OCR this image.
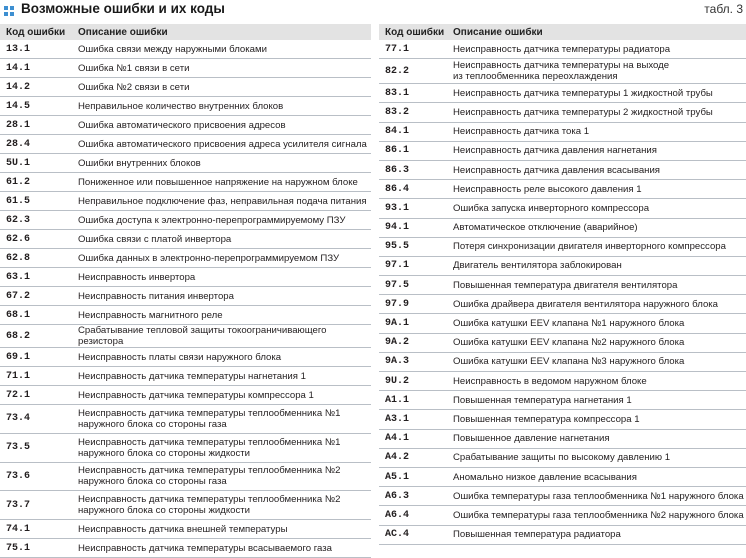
Возможные ошибки и их коды	табл. 3
Код ошибки	Описание ошибки
13.1	Ошибка связи между наружными блоками
14.1	Ошибка №1 связи в сети
14.2	Ошибка №2 связи в сети
14.5	Неправильное количество внутренних блоков
28.1	Ошибка автоматического присвоения адресов
28.4	Ошибка автоматического присвоения адреса усилителя сигнала
5U.1	Ошибки внутренних блоков
61.2	Пониженное или повышенное напряжение на наружном блоке
61.5	Неправильное подключение фаз, неправильная подача питания
62.3	Ошибка доступа к электронно-перепрограммируемому ПЗУ
62.6	Ошибка связи с платой инвертора
62.8	Ошибка данных в электронно-перепрограммируемом ПЗУ
63.1	Неисправность инвертора
67.2	Неисправность питания инвертора
68.1	Неисправность магнитного реле
68.2	Срабатывание тепловой защиты токоограничивающего резистора
69.1	Неисправность платы связи наружного блока
71.1	Неисправность датчика температуры нагнетания 1
72.1	Неисправность датчика температуры компрессора 1
73.4	Неисправность датчика температуры теплообменника №1
наружного блока со стороны газа
73.5	Неисправность датчика температуры теплообменника №1
наружного блока со стороны жидкости
73.6	Неисправность датчика температуры теплообменника №2
наружного блока со стороны газа
73.7	Неисправность датчика температуры теплообменника №2
наружного блока со стороны жидкости
74.1	Неисправность датчика внешней температуры
75.1	Неисправность датчика температуры всасываемого газа
Код ошибки	Описание ошибки
77.1	Неисправность датчика температуры радиатора
82.2	Неисправность датчика температуры на выходе
из теплообменника переохлаждения
83.1	Неисправность датчика температуры 1 жидкостной трубы
83.2	Неисправность датчика температуры 2 жидкостной трубы
84.1	Неисправность датчика тока 1
86.1	Неисправность датчика давления нагнетания
86.3	Неисправность датчика давления всасывания
86.4	Неисправность реле высокого давления 1
93.1	Ошибка запуска инверторного компрессора
94.1	Автоматическое отключение (аварийное)
95.5	Потеря синхронизации двигателя инверторного компрессора
97.1	Двигатель вентилятора заблокирован
97.5	Повышенная температура двигателя вентилятора
97.9	Ошибка драйвера двигателя вентилятора наружного блока
9A.1	Ошибка катушки EEV клапана №1 наружного блока
9A.2	Ошибка катушки EEV клапана №2 наружного блока
9A.3	Ошибка катушки EEV клапана №3 наружного блока
9U.2	Неисправность в ведомом наружном блоке
A1.1	Повышенная температура нагнетания 1
A3.1	Повышенная температура компрессора 1
A4.1	Повышенное давление нагнетания
A4.2	Срабатывание защиты по высокому давлению 1
A5.1	Аномально низкое давление всасывания
A6.3	Ошибка температуры газа теплообменника №1 наружного блока
A6.4	Ошибка температуры газа теплообменника №2 наружного блока
AC.4	Повышенная температура радиатора
